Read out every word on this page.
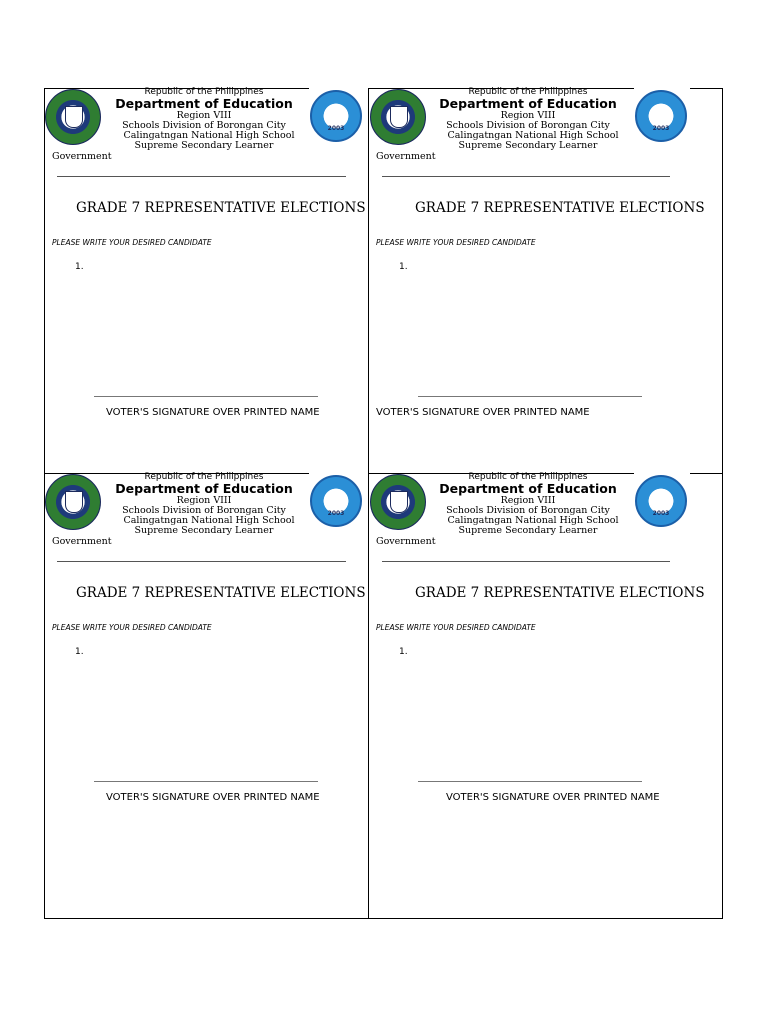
Republic of the Philippines
Department of Education
Region VIII
Schools Division of Borongan City
Calingatngan National High School
Supreme Secondary Learner
2003
Government
GRADE 7 REPRESENTATIVE ELECTIONS
PLEASE WRITE YOUR DESIRED CANDIDATE
1.
VOTER'S SIGNATURE OVER PRINTED NAME
Republic of the Philippines
Department of Education
Region VIII
Schools Division of Borongan City
Calingatngan National High School
Supreme Secondary Learner
2003
Government
GRADE 7 REPRESENTATIVE ELECTIONS
PLEASE WRITE YOUR DESIRED CANDIDATE
1.
VOTER'S SIGNATURE OVER PRINTED NAME
Republic of the Philippines
Department of Education
Region VIII
Schools Division of Borongan City
Calingatngan National High School
Supreme Secondary Learner
2003
Government
GRADE 7 REPRESENTATIVE ELECTIONS
PLEASE WRITE YOUR DESIRED CANDIDATE
1.
VOTER'S SIGNATURE OVER PRINTED NAME
Republic of the Philippines
Department of Education
Region VIII
Schools Division of Borongan City
Calingatngan National High School
Supreme Secondary Learner
2003
Government
GRADE 7 REPRESENTATIVE ELECTIONS
PLEASE WRITE YOUR DESIRED CANDIDATE
1.
VOTER'S SIGNATURE OVER PRINTED NAME
